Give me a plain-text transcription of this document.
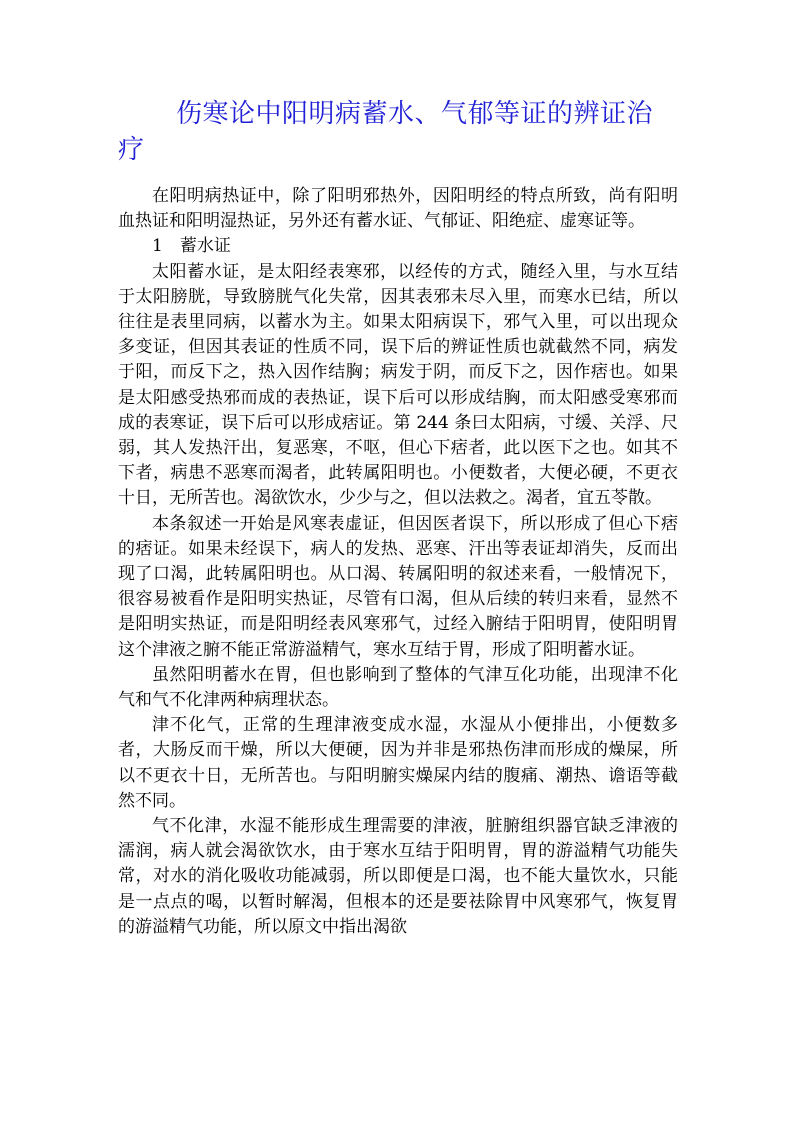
伤寒论中阳明病蓄水、气郁等证的辨证治疗

在阳明病热证中，除了阳明邪热外，因阳明经的特点所致，尚有阳明血热证和阳明湿热证，另外还有蓄水证、气郁证、阳绝症、虚寒证等。

1　蓄水证

太阳蓄水证，是太阳经表寒邪，以经传的方式，随经入里，与水互结于太阳膀胱，导致膀胱气化失常，因其表邪未尽入里，而寒水已结，所以往往是表里同病，以蓄水为主。如果太阳病误下，邪气入里，可以出现众多变证，但因其表证的性质不同，误下后的辨证性质也就截然不同，病发于阳，而反下之，热入因作结胸；病发于阴，而反下之，因作痞也。如果是太阳感受热邪而成的表热证，误下后可以形成结胸，而太阳感受寒邪而成的表寒证，误下后可以形成痞证。第 244 条曰太阳病，寸缓、关浮、尺弱，其人发热汗出，复恶寒，不呕，但心下痞者，此以医下之也。如其不下者，病患不恶寒而渴者，此转属阳明也。小便数者，大便必硬，不更衣十日，无所苦也。渴欲饮水，少少与之，但以法救之。渴者，宜五苓散。

本条叙述一开始是风寒表虚证，但因医者误下，所以形成了但心下痞的痞证。如果未经误下，病人的发热、恶寒、汗出等表证却消失，反而出现了口渴，此转属阳明也。从口渴、转属阳明的叙述来看，一般情况下，很容易被看作是阳明实热证，尽管有口渴，但从后续的转归来看，显然不是阳明实热证，而是阳明经表风寒邪气，过经入腑结于阳明胃，使阳明胃这个津液之腑不能正常游溢精气，寒水互结于胃，形成了阳明蓄水证。

虽然阳明蓄水在胃，但也影响到了整体的气津互化功能，出现津不化气和气不化津两种病理状态。

津不化气，正常的生理津液变成水湿，水湿从小便排出，小便数多者，大肠反而干燥，所以大便硬，因为并非是邪热伤津而形成的燥屎，所以不更衣十日，无所苦也。与阳明腑实燥屎内结的腹痛、潮热、谵语等截然不同。

气不化津，水湿不能形成生理需要的津液，脏腑组织器官缺乏津液的濡润，病人就会渴欲饮水，由于寒水互结于阳明胃，胃的游溢精气功能失常，对水的消化吸收功能减弱，所以即便是口渴，也不能大量饮水，只能是一点点的喝，以暂时解渴，但根本的还是要祛除胃中风寒邪气，恢复胃的游溢精气功能，所以原文中指出渴欲
